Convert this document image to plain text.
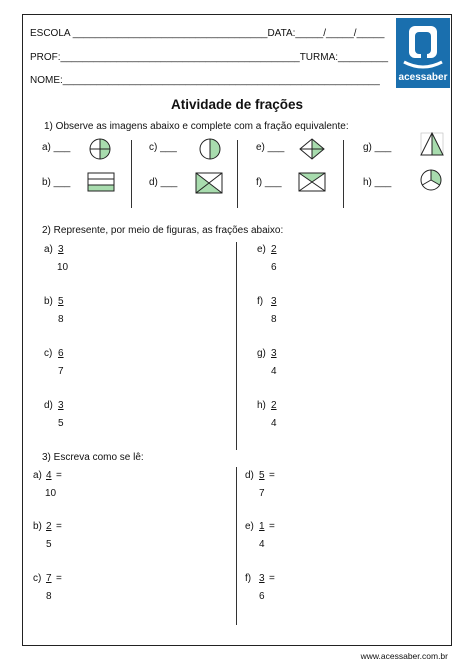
ESCOLA ___________________________________DATA:_____/_____/_____
PROF:___________________________________________TURMA:_________
NOME:_________________________________________________________ acessaber
Atividade de frações
1) Observe as imagens abaixo e complete com a fração equivalente:
a) ___
b) ___
c) ___
d) ___
e) ___
f) ___
g) ___
h) ___
2) Represente, por meio de figuras, as frações abaixo:
a) 3
10
b) 5
8
c) 6
7
d) 3
5
e) 2
6
f) 3
8
g) 3
4
h) 2
4
3) Escreva como se lê:
a) 4 =
10
b) 2 =
5
c) 7 =
8
d) 5 =
7
e) 1 =
4
f) 3 =
6
www.acessaber.com.br
